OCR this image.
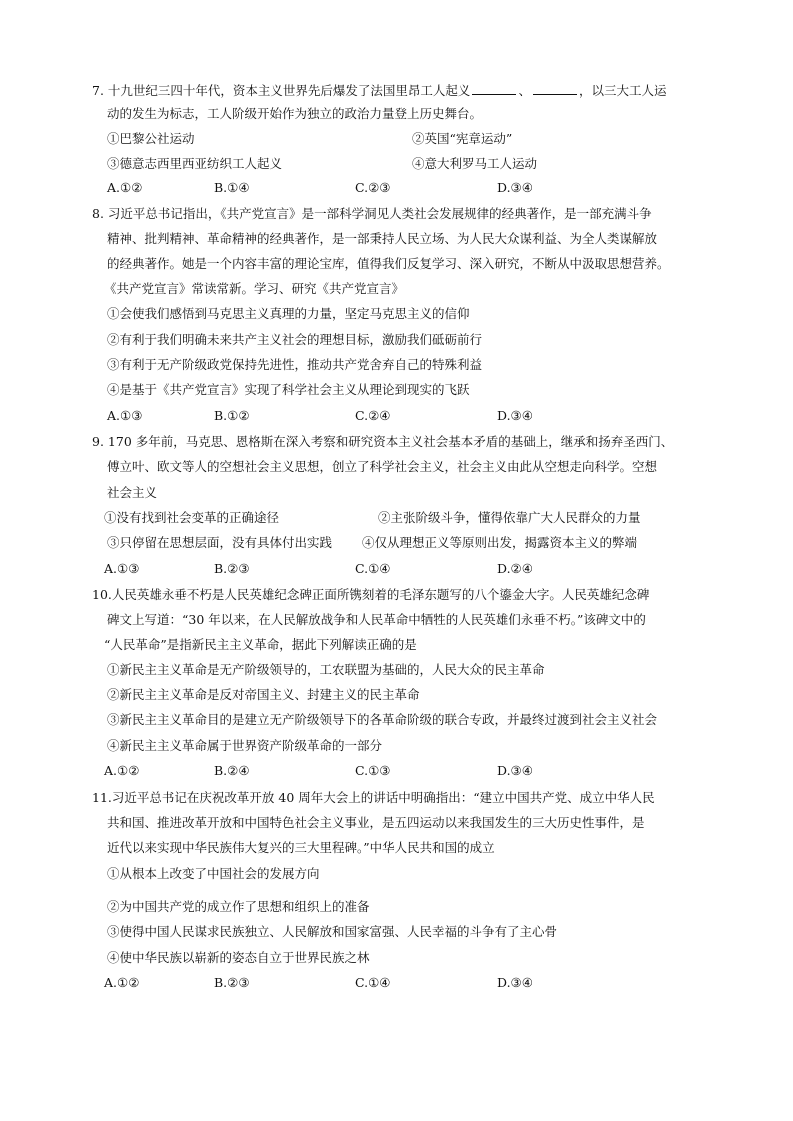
7. 十九世纪三四十年代，资本主义世界先后爆发了法国里昂工人起义	、	，以三大工人运
动的发生为标志，工人阶级开始作为独立的政治力量登上历史舞台。
①巴黎公社运动	②英国“宪章运动”
③德意志西里西亚纺织工人起义	④意大利罗马工人运动
A.①②	B.①④	C.②③	D.③④
8. 习近平总书记指出，《共产党宣言》是一部科学洞见人类社会发展规律的经典著作，是一部充满斗争
精神、批判精神、革命精神的经典著作，是一部秉持人民立场、为人民大众谋利益、为全人类谋解放
的经典著作。她是一个内容丰富的理论宝库，值得我们反复学习、深入研究，不断从中汲取思想营养。
《共产党宣言》常读常新。学习、研究《共产党宣言》
①会使我们感悟到马克思主义真理的力量，坚定马克思主义的信仰
②有利于我们明确未来共产主义社会的理想目标，激励我们砥砺前行
③有利于无产阶级政党保持先进性，推动共产党舍弃自己的特殊利益
④是基于《共产党宣言》实现了科学社会主义从理论到现实的飞跃
A.①③	B.①②	C.②④	D.③④
9. 170 多年前，马克思、恩格斯在深入考察和研究资本主义社会基本矛盾的基础上，继承和扬弃圣西门、
傅立叶、欧文等人的空想社会主义思想，创立了科学社会主义，社会主义由此从空想走向科学。空想
社会主义
①没有找到社会变革的正确途径	②主张阶级斗争，懂得依靠广大人民群众的力量
③只停留在思想层面，没有具体付出实践 ④仅从理想正义等原则出发，揭露资本主义的弊端
A.①③	B.②③	C.①④	D.②④
10.人民英雄永垂不朽是人民英雄纪念碑正面所镌刻着的毛泽东题写的八个鎏金大字。人民英雄纪念碑
碑文上写道：“30 年以来，在人民解放战争和人民革命中牺牲的人民英雄们永垂不朽。”该碑文中的
“人民革命”是指新民主主义革命，据此下列解读正确的是
①新民主主义革命是无产阶级领导的，工农联盟为基础的，人民大众的民主革命
②新民主主义革命是反对帝国主义、封建主义的民主革命
③新民主主义革命目的是建立无产阶级领导下的各革命阶级的联合专政，并最终过渡到社会主义社会
④新民主主义革命属于世界资产阶级革命的一部分
A.①②	B.②④	C.①③	D.③④
11.习近平总书记在庆祝改革开放 40 周年大会上的讲话中明确指出：“建立中国共产党、成立中华人民
共和国、推进改革开放和中国特色社会主义事业，是五四运动以来我国发生的三大历史性事件，是
近代以来实现中华民族伟大复兴的三大里程碑。”中华人民共和国的成立
①从根本上改变了中国社会的发展方向
②为中国共产党的成立作了思想和组织上的准备
③使得中国人民谋求民族独立、人民解放和国家富强、人民幸福的斗争有了主心骨
④使中华民族以崭新的姿态自立于世界民族之林
A.①②	B.②③	C.①④	D.③④
